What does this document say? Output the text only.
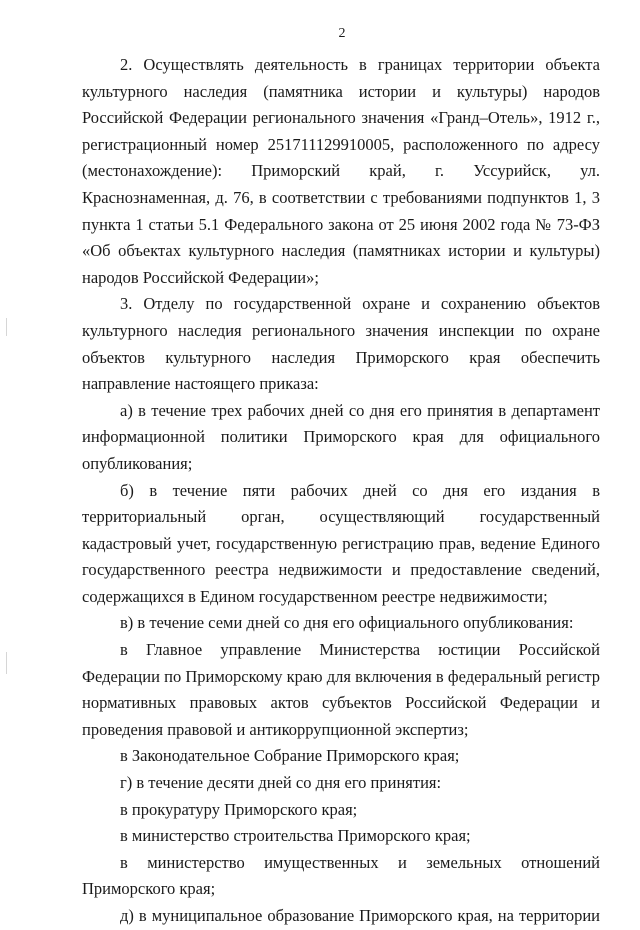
2

2. Осуществлять деятельность в границах территории объекта культурного наследия (памятника истории и культуры) народов Российской Федерации регионального значения «Гранд–Отель», 1912 г., регистрационный номер 251711129910005, расположенного по адресу (местонахождение): Приморский край, г. Уссурийск, ул. Краснознаменная, д. 76, в соответствии с требованиями подпунктов 1, 3 пункта 1 статьи 5.1 Федерального закона от 25 июня 2002 года № 73-ФЗ «Об объектах культурного наследия (памятниках истории и культуры) народов Российской Федерации»;

3. Отделу по государственной охране и сохранению объектов культурного наследия регионального значения инспекции по охране объектов культурного наследия Приморского края обеспечить направление настоящего приказа:

а) в течение трех рабочих дней со дня его принятия в департамент информационной политики Приморского края для официального опубликования;

б) в течение пяти рабочих дней со дня его издания в территориальный орган, осуществляющий государственный кадастровый учет, государственную регистрацию прав, ведение Единого государственного реестра недвижимости и предоставление сведений, содержащихся в Едином государственном реестре недвижимости;

в) в течение семи дней со дня его официального опубликования:

в Главное управление Министерства юстиции Российской Федерации по Приморскому краю для включения в федеральный регистр нормативных правовых актов субъектов Российской Федерации и проведения правовой и антикоррупционной экспертиз;

в Законодательное Собрание Приморского края;

г) в течение десяти дней со дня его принятия:

в прокуратуру Приморского края;

в министерство строительства Приморского края;

в министерство имущественных и земельных отношений Приморского края;

д) в муниципальное образование Приморского края, на территории
